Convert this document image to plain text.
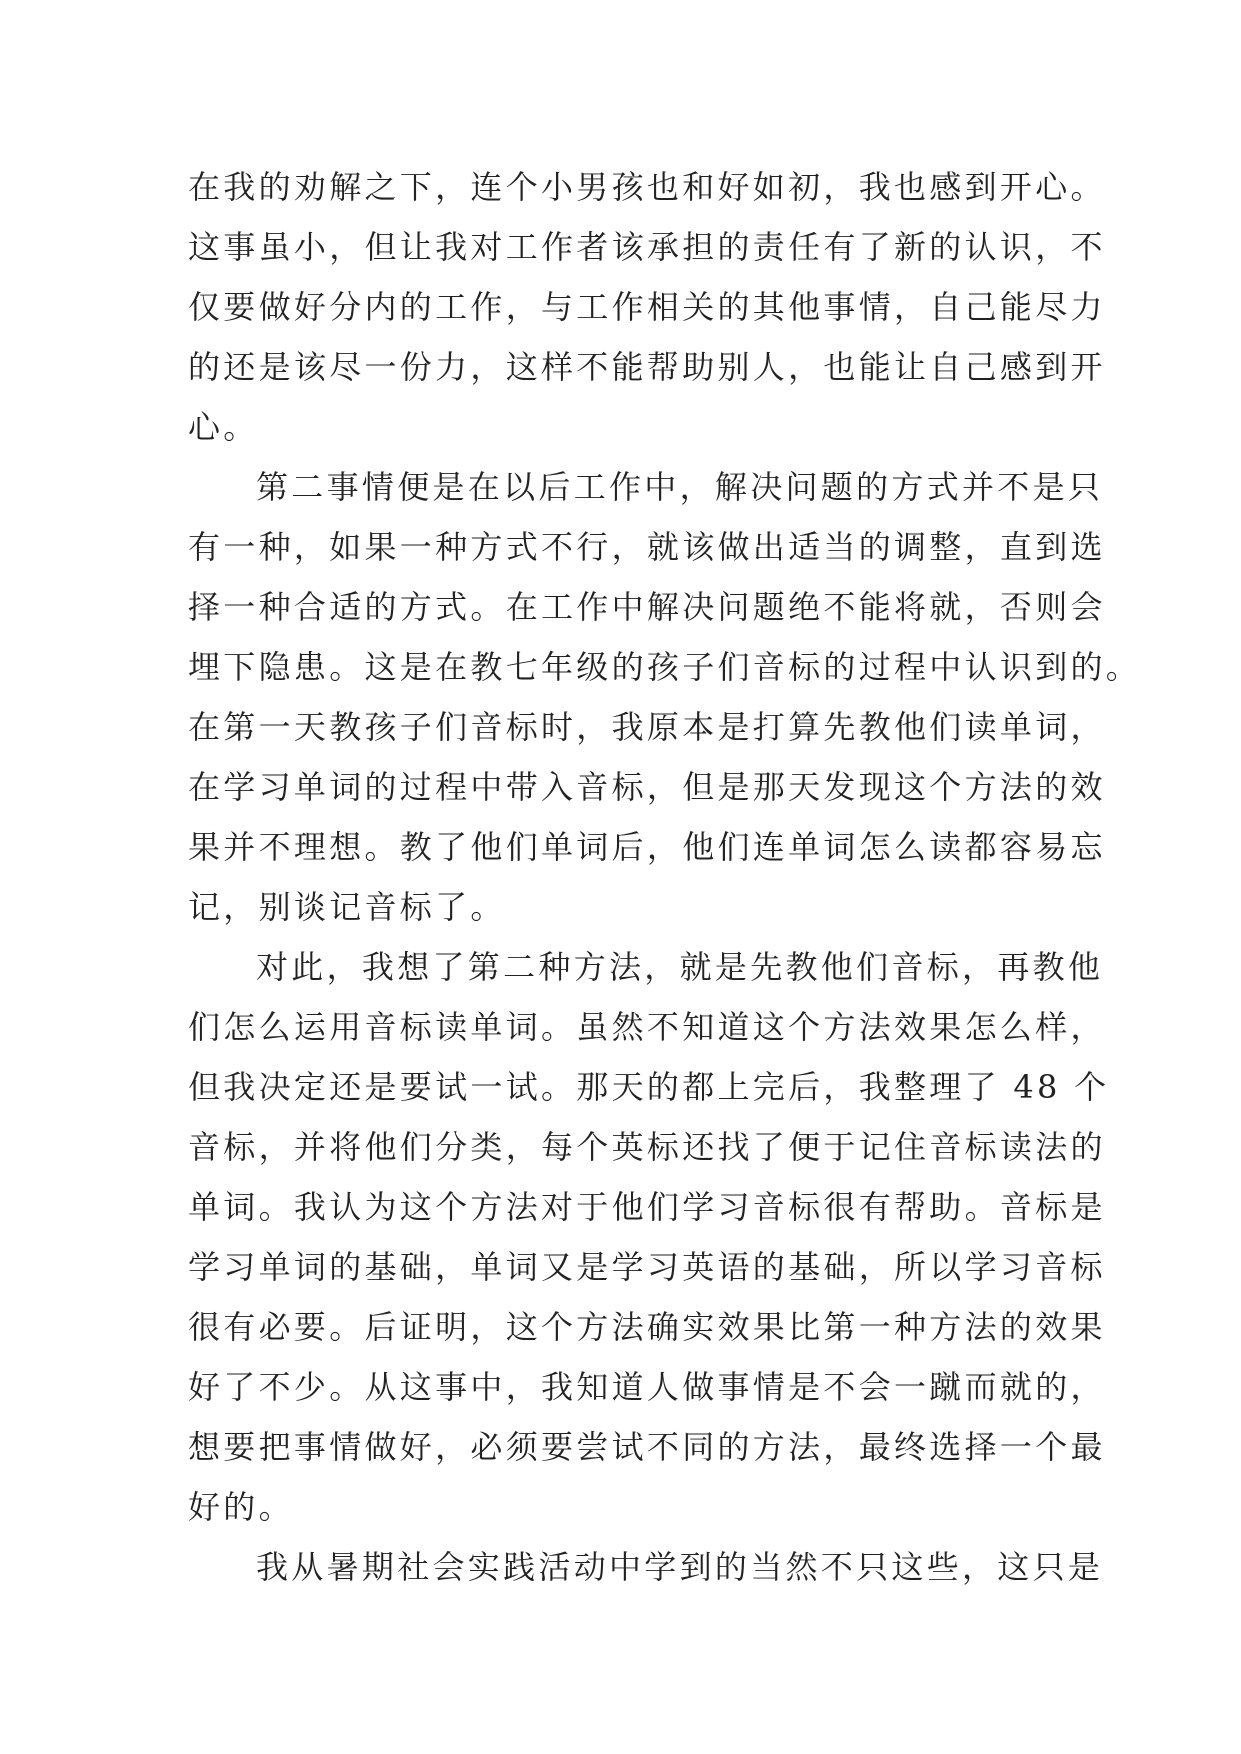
在我的劝解之下，连个小男孩也和好如初，我也感到开心。
这事虽小，但让我对工作者该承担的责任有了新的认识，不
仅要做好分内的工作，与工作相关的其他事情，自己能尽力
的还是该尽一份力，这样不能帮助别人，也能让自己感到开
心。
第二事情便是在以后工作中，解决问题的方式并不是只
有一种，如果一种方式不行，就该做出适当的调整，直到选
择一种合适的方式。在工作中解决问题绝不能将就，否则会
埋下隐患。这是在教七年级的孩子们音标的过程中认识到的。
在第一天教孩子们音标时，我原本是打算先教他们读单词，
在学习单词的过程中带入音标，但是那天发现这个方法的效
果并不理想。教了他们单词后，他们连单词怎么读都容易忘
记，别谈记音标了。
对此，我想了第二种方法，就是先教他们音标，再教他
们怎么运用音标读单词。虽然不知道这个方法效果怎么样，
但我决定还是要试一试。那天的都上完后，我整理了 48 个
音标，并将他们分类，每个英标还找了便于记住音标读法的
单词。我认为这个方法对于他们学习音标很有帮助。音标是
学习单词的基础，单词又是学习英语的基础，所以学习音标
很有必要。后证明，这个方法确实效果比第一种方法的效果
好了不少。从这事中，我知道人做事情是不会一蹴而就的，
想要把事情做好，必须要尝试不同的方法，最终选择一个最
好的。
我从暑期社会实践活动中学到的当然不只这些，这只是
